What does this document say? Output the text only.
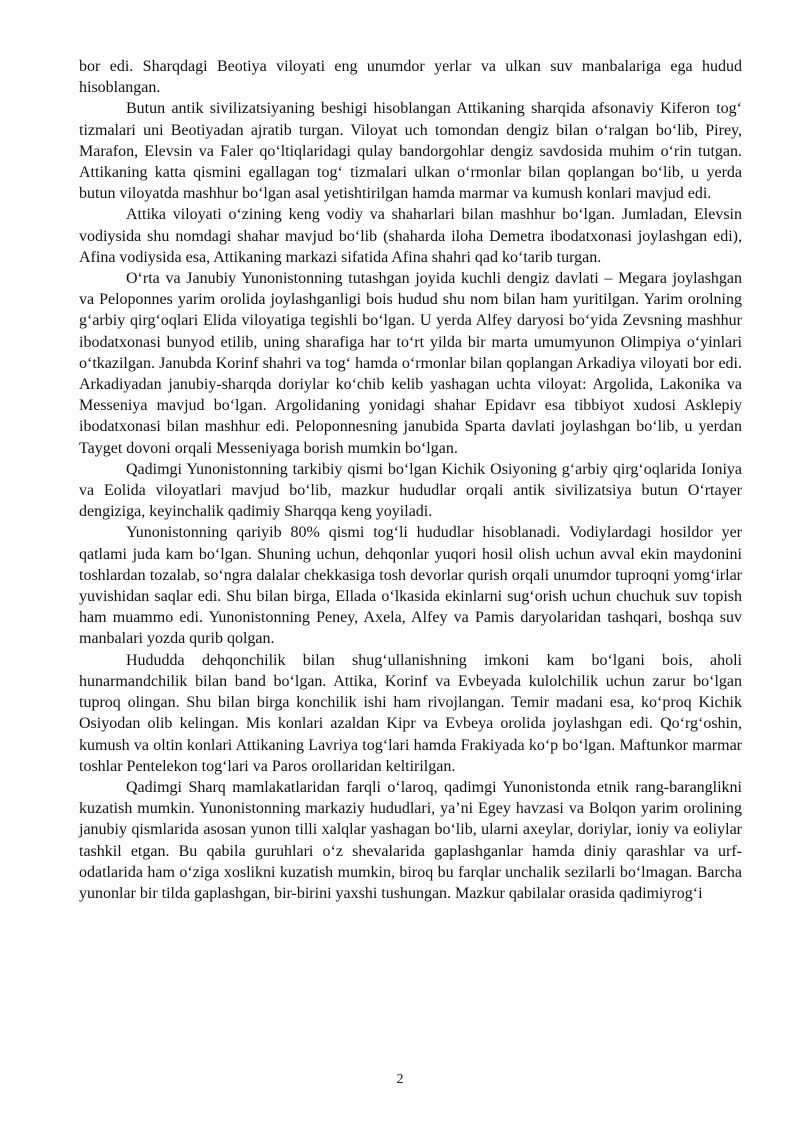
bor edi. Sharqdagi Beotiya viloyati eng unumdor yerlar va ulkan suv manbalariga ega hudud hisoblangan.

Butun antik sivilizatsiyaning beshigi hisoblangan Attikaning sharqida afsonaviy Kiferon tog‘ tizmalari uni Beotiyadan ajratib turgan. Viloyat uch tomondan dengiz bilan o‘ralgan bo‘lib, Pirey, Marafon, Elevsin va Faler qo‘ltiqlaridagi qulay bandorgohlar dengiz savdosida muhim o‘rin tutgan. Attikaning katta qismini egallagan tog‘ tizmalari ulkan o‘rmonlar bilan qoplangan bo‘lib, u yerda butun viloyatda mashhur bo‘lgan asal yetishtirilgan hamda marmar va kumush konlari mavjud edi.

Attika viloyati o‘zining keng vodiy va shaharlari bilan mashhur bo‘lgan. Jumladan, Elevsin vodiysida shu nomdagi shahar mavjud bo‘lib (shaharda iloha Demetra ibodatxonasi joylashgan edi), Afina vodiysida esa, Attikaning markazi sifatida Afina shahri qad ko‘tarib turgan.

O‘rta va Janubiy Yunonistonning tutashgan joyida kuchli dengiz davlati – Megara joylashgan va Peloponnes yarim orolida joylashganligi bois hudud shu nom bilan ham yuritilgan. Yarim orolning g‘arbiy qirg‘oqlari Elida viloyatiga tegishli bo‘lgan. U yerda Alfey daryosi bo‘yida Zevsning mashhur ibodatxonasi bunyod etilib, uning sharafiga har to‘rt yilda bir marta umumyunon Olimpiya o‘yinlari o‘tkazilgan. Janubda Korinf shahri va tog‘ hamda o‘rmonlar bilan qoplangan Arkadiya viloyati bor edi. Arkadiyadan janubiy-sharqda doriylar ko‘chib kelib yashagan uchta viloyat: Argolida, Lakonika va Messeniya mavjud bo‘lgan. Argolidaning yonidagi shahar Epidavr esa tibbiyot xudosi Asklepiy ibodatxonasi bilan mashhur edi. Peloponnesning janubida Sparta davlati joylashgan bo‘lib, u yerdan Tayget dovoni orqali Messeniyaga borish mumkin bo‘lgan.

Qadimgi Yunonistonning tarkibiy qismi bo‘lgan Kichik Osiyoning g‘arbiy qirg‘oqlarida Ioniya va Eolida viloyatlari mavjud bo‘lib, mazkur hududlar orqali antik sivilizatsiya butun O‘rtayer dengiziga, keyinchalik qadimiy Sharqqa keng yoyiladi.

Yunonistonning qariyib 80% qismi tog‘li hududlar hisoblanadi. Vodiylardagi hosildor yer qatlami juda kam bo‘lgan. Shuning uchun, dehqonlar yuqori hosil olish uchun avval ekin maydonini toshlardan tozalab, so‘ngra dalalar chekkasiga tosh devorlar qurish orqali unumdor tuproqni yomg‘irlar yuvishidan saqlar edi. Shu bilan birga, Ellada o‘lkasida ekinlarni sug‘orish uchun chuchuk suv topish ham muammo edi. Yunonistonning Peney, Axela, Alfey va Pamis daryolaridan tashqari, boshqa suv manbalari yozda qurib qolgan.

Hududda dehqonchilik bilan shug‘ullanishning imkoni kam bo‘lgani bois, aholi hunarmandchilik bilan band bo‘lgan. Attika, Korinf va Evbeyada kulolchilik uchun zarur bo‘lgan tuproq olingan. Shu bilan birga konchilik ishi ham rivojlangan. Temir madani esa, ko‘proq Kichik Osiyodan olib kelingan. Mis konlari azaldan Kipr va Evbeya orolida joylashgan edi. Qo‘rg‘oshin, kumush va oltin konlari Attikaning Lavriya tog‘lari hamda Frakiyada ko‘p bo‘lgan. Maftunkor marmar toshlar Pentelekon tog‘lari va Paros orollaridan keltirilgan.

Qadimgi Sharq mamlakatlaridan farqli o‘laroq, qadimgi Yunonistonda etnik rang-baranglikni kuzatish mumkin. Yunonistonning markaziy hududlari, ya’ni Egey havzasi va Bolqon yarim orolining janubiy qismlarida asosan yunon tilli xalqlar yashagan bo‘lib, ularni axeylar, doriylar, ioniy va eoliylar tashkil etgan. Bu qabila guruhlari o‘z shevalarida gaplashganlar hamda diniy qarashlar va urf-odatlarida ham o‘ziga xoslikni kuzatish mumkin, biroq bu farqlar unchalik sezilarli bo‘lmagan. Barcha yunonlar bir tilda gaplashgan, bir-birini yaxshi tushungan. Mazkur qabilalar orasida qadimiyrog‘i

2
